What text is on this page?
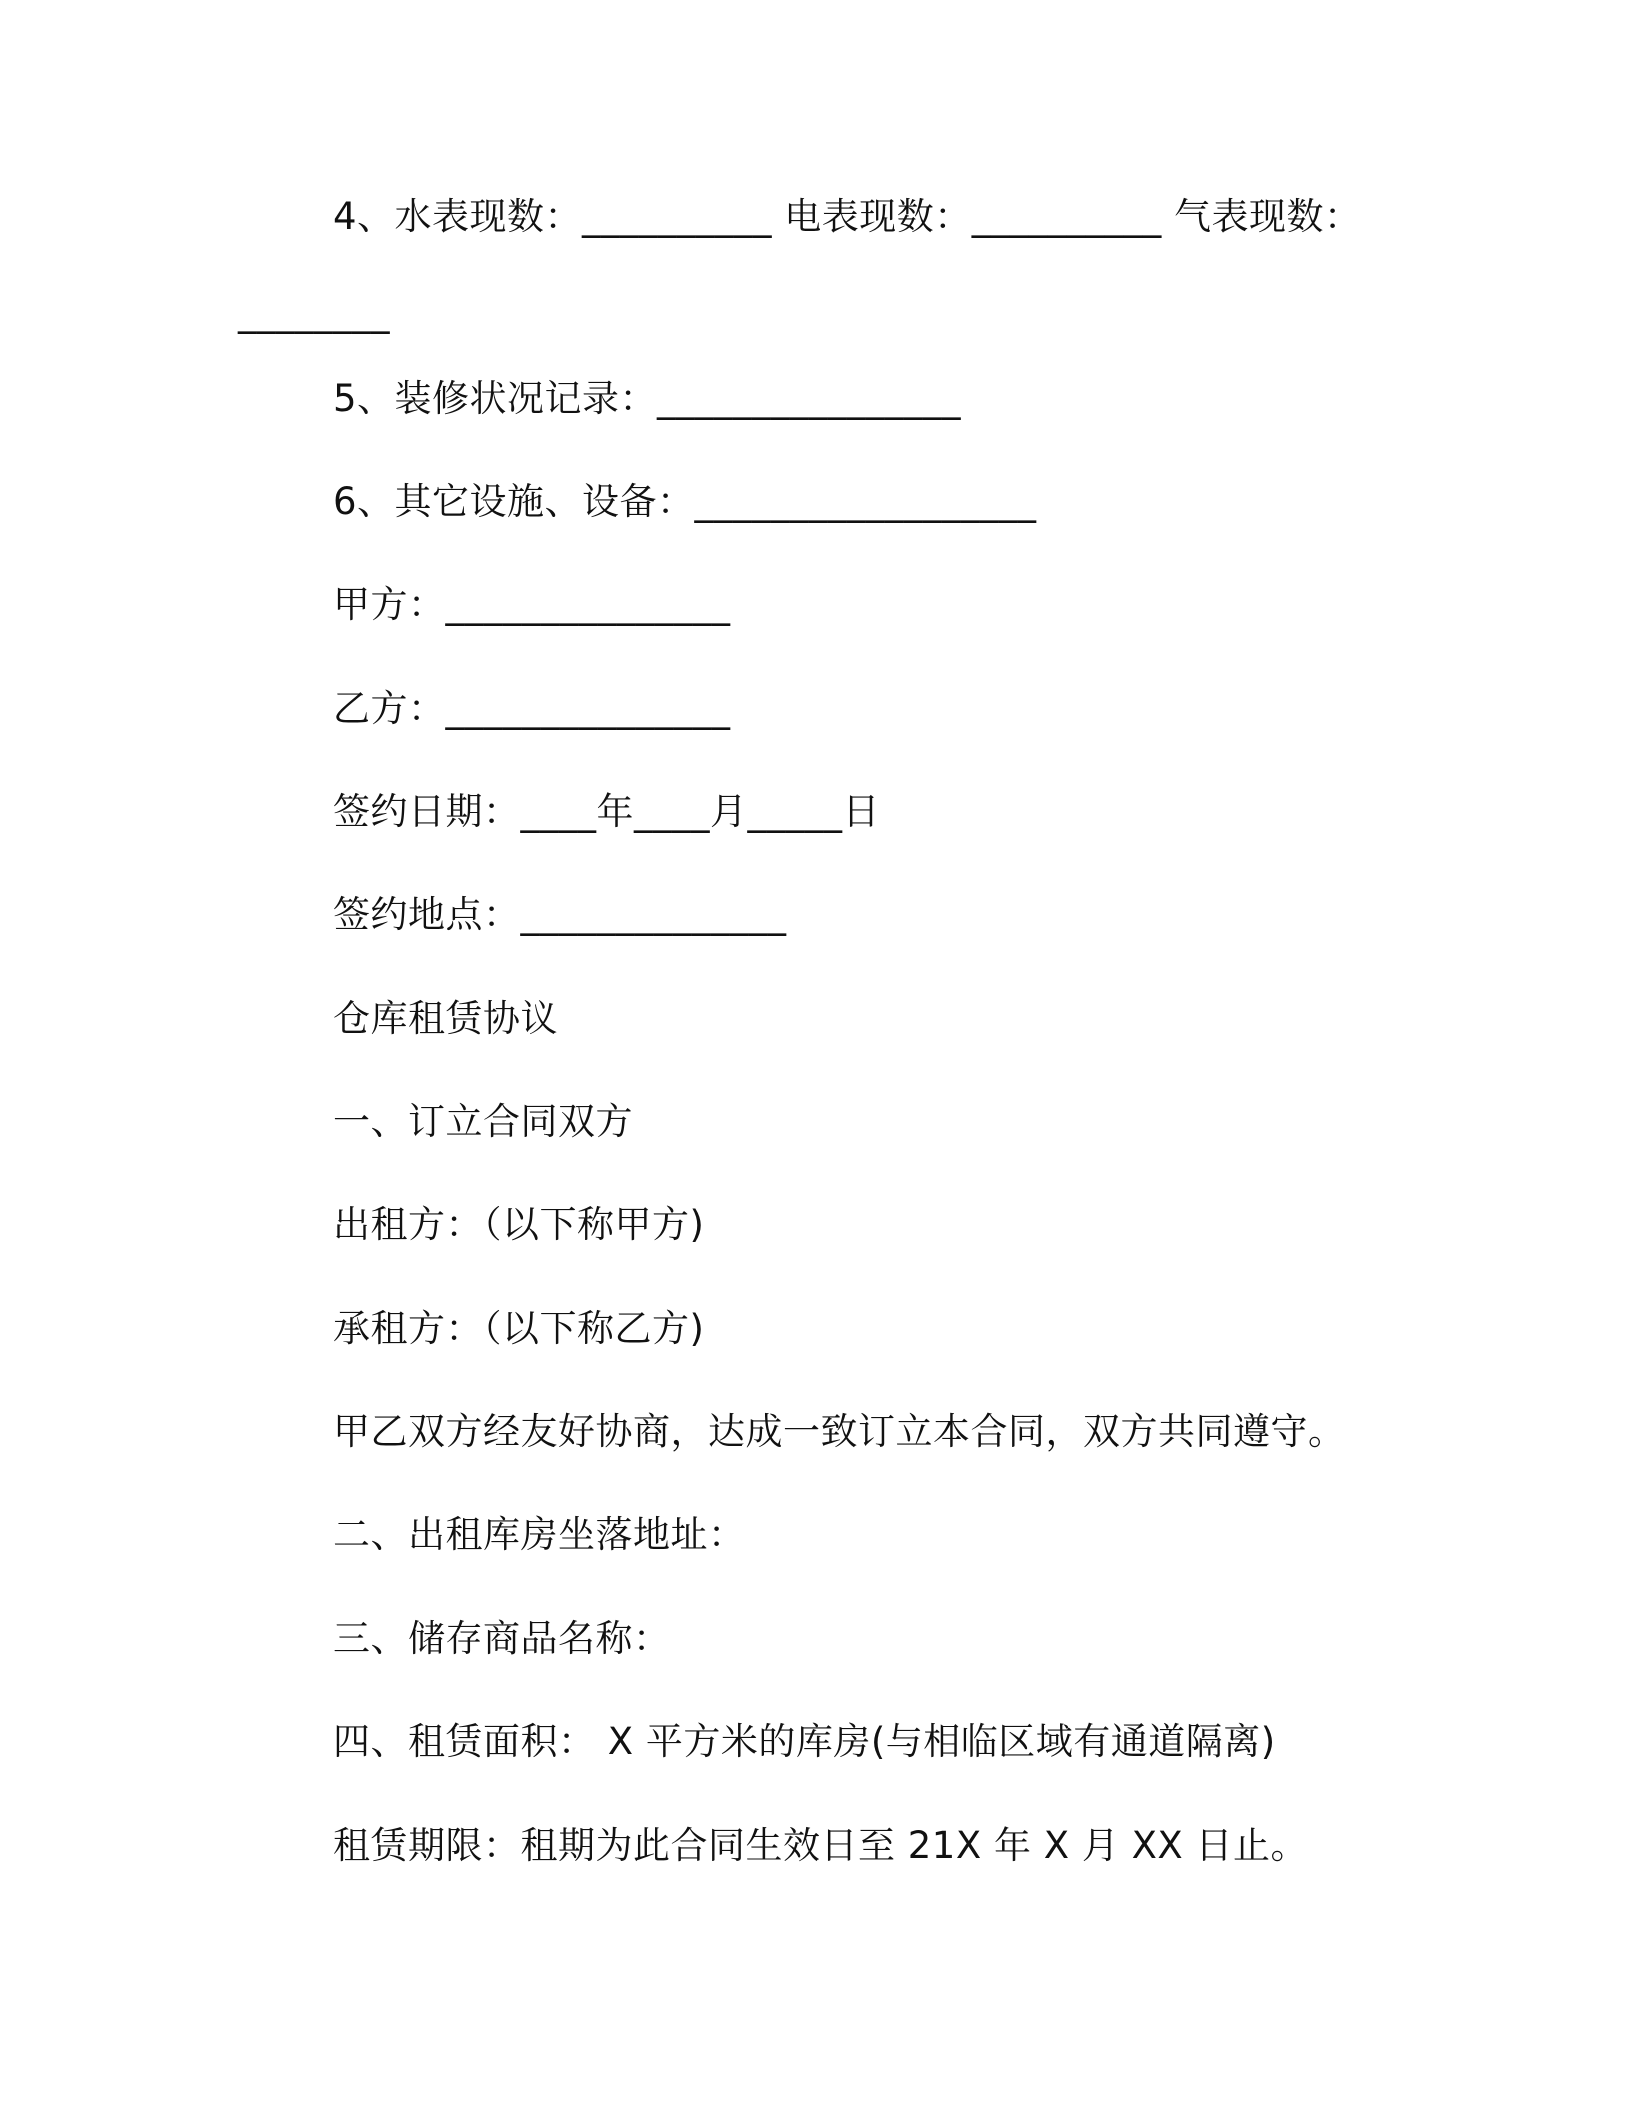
4、水表现数：__________ 电表现数：__________ 气表现数：
________
5、装修状况记录：________________
6、其它设施、设备：__________________
甲方：_______________
乙方：_______________
签约日期：____年____月_____日
签约地点：______________
仓库租赁协议
一、订立合同双方
出租方：（以下称甲方)
承租方：（以下称乙方)
甲乙双方经友好协商，达成一致订立本合同，双方共同遵守。
二、出租库房坐落地址：
三、储存商品名称：
四、租赁面积： X 平方米的库房(与相临区域有通道隔离)
租赁期限：租期为此合同生效日至 21X 年 X 月 XX 日止。
